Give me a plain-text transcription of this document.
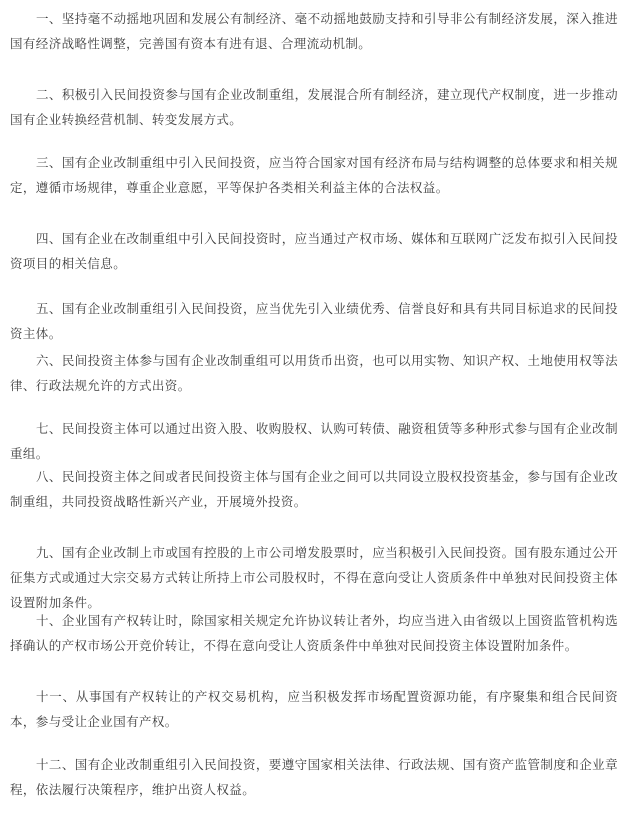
一、坚持毫不动摇地巩固和发展公有制经济、毫不动摇地鼓励支持和引导非公有制经济发展，深入推进国有经济战略性调整，完善国有资本有进有退、合理流动机制。

二、积极引入民间投资参与国有企业改制重组，发展混合所有制经济，建立现代产权制度，进一步推动国有企业转换经营机制、转变发展方式。

三、国有企业改制重组中引入民间投资，应当符合国家对国有经济布局与结构调整的总体要求和相关规定，遵循市场规律，尊重企业意愿，平等保护各类相关利益主体的合法权益。

四、国有企业在改制重组中引入民间投资时，应当通过产权市场、媒体和互联网广泛发布拟引入民间投资项目的相关信息。

五、国有企业改制重组引入民间投资，应当优先引入业绩优秀、信誉良好和具有共同目标追求的民间投资主体。

六、民间投资主体参与国有企业改制重组可以用货币出资，也可以用实物、知识产权、土地使用权等法律、行政法规允许的方式出资。

七、民间投资主体可以通过出资入股、收购股权、认购可转债、融资租赁等多种形式参与国有企业改制重组。

八、民间投资主体之间或者民间投资主体与国有企业之间可以共同设立股权投资基金，参与国有企业改制重组，共同投资战略性新兴产业，开展境外投资。

九、国有企业改制上市或国有控股的上市公司增发股票时，应当积极引入民间投资。国有股东通过公开征集方式或通过大宗交易方式转让所持上市公司股权时，不得在意向受让人资质条件中单独对民间投资主体设置附加条件。

十、企业国有产权转让时，除国家相关规定允许协议转让者外，均应当进入由省级以上国资监管机构选择确认的产权市场公开竞价转让，不得在意向受让人资质条件中单独对民间投资主体设置附加条件。

十一、从事国有产权转让的产权交易机构，应当积极发挥市场配置资源功能，有序聚集和组合民间资本，参与受让企业国有产权。

十二、国有企业改制重组引入民间投资，要遵守国家相关法律、行政法规、国有资产监管制度和企业章程，依法履行决策程序，维护出资人权益。
